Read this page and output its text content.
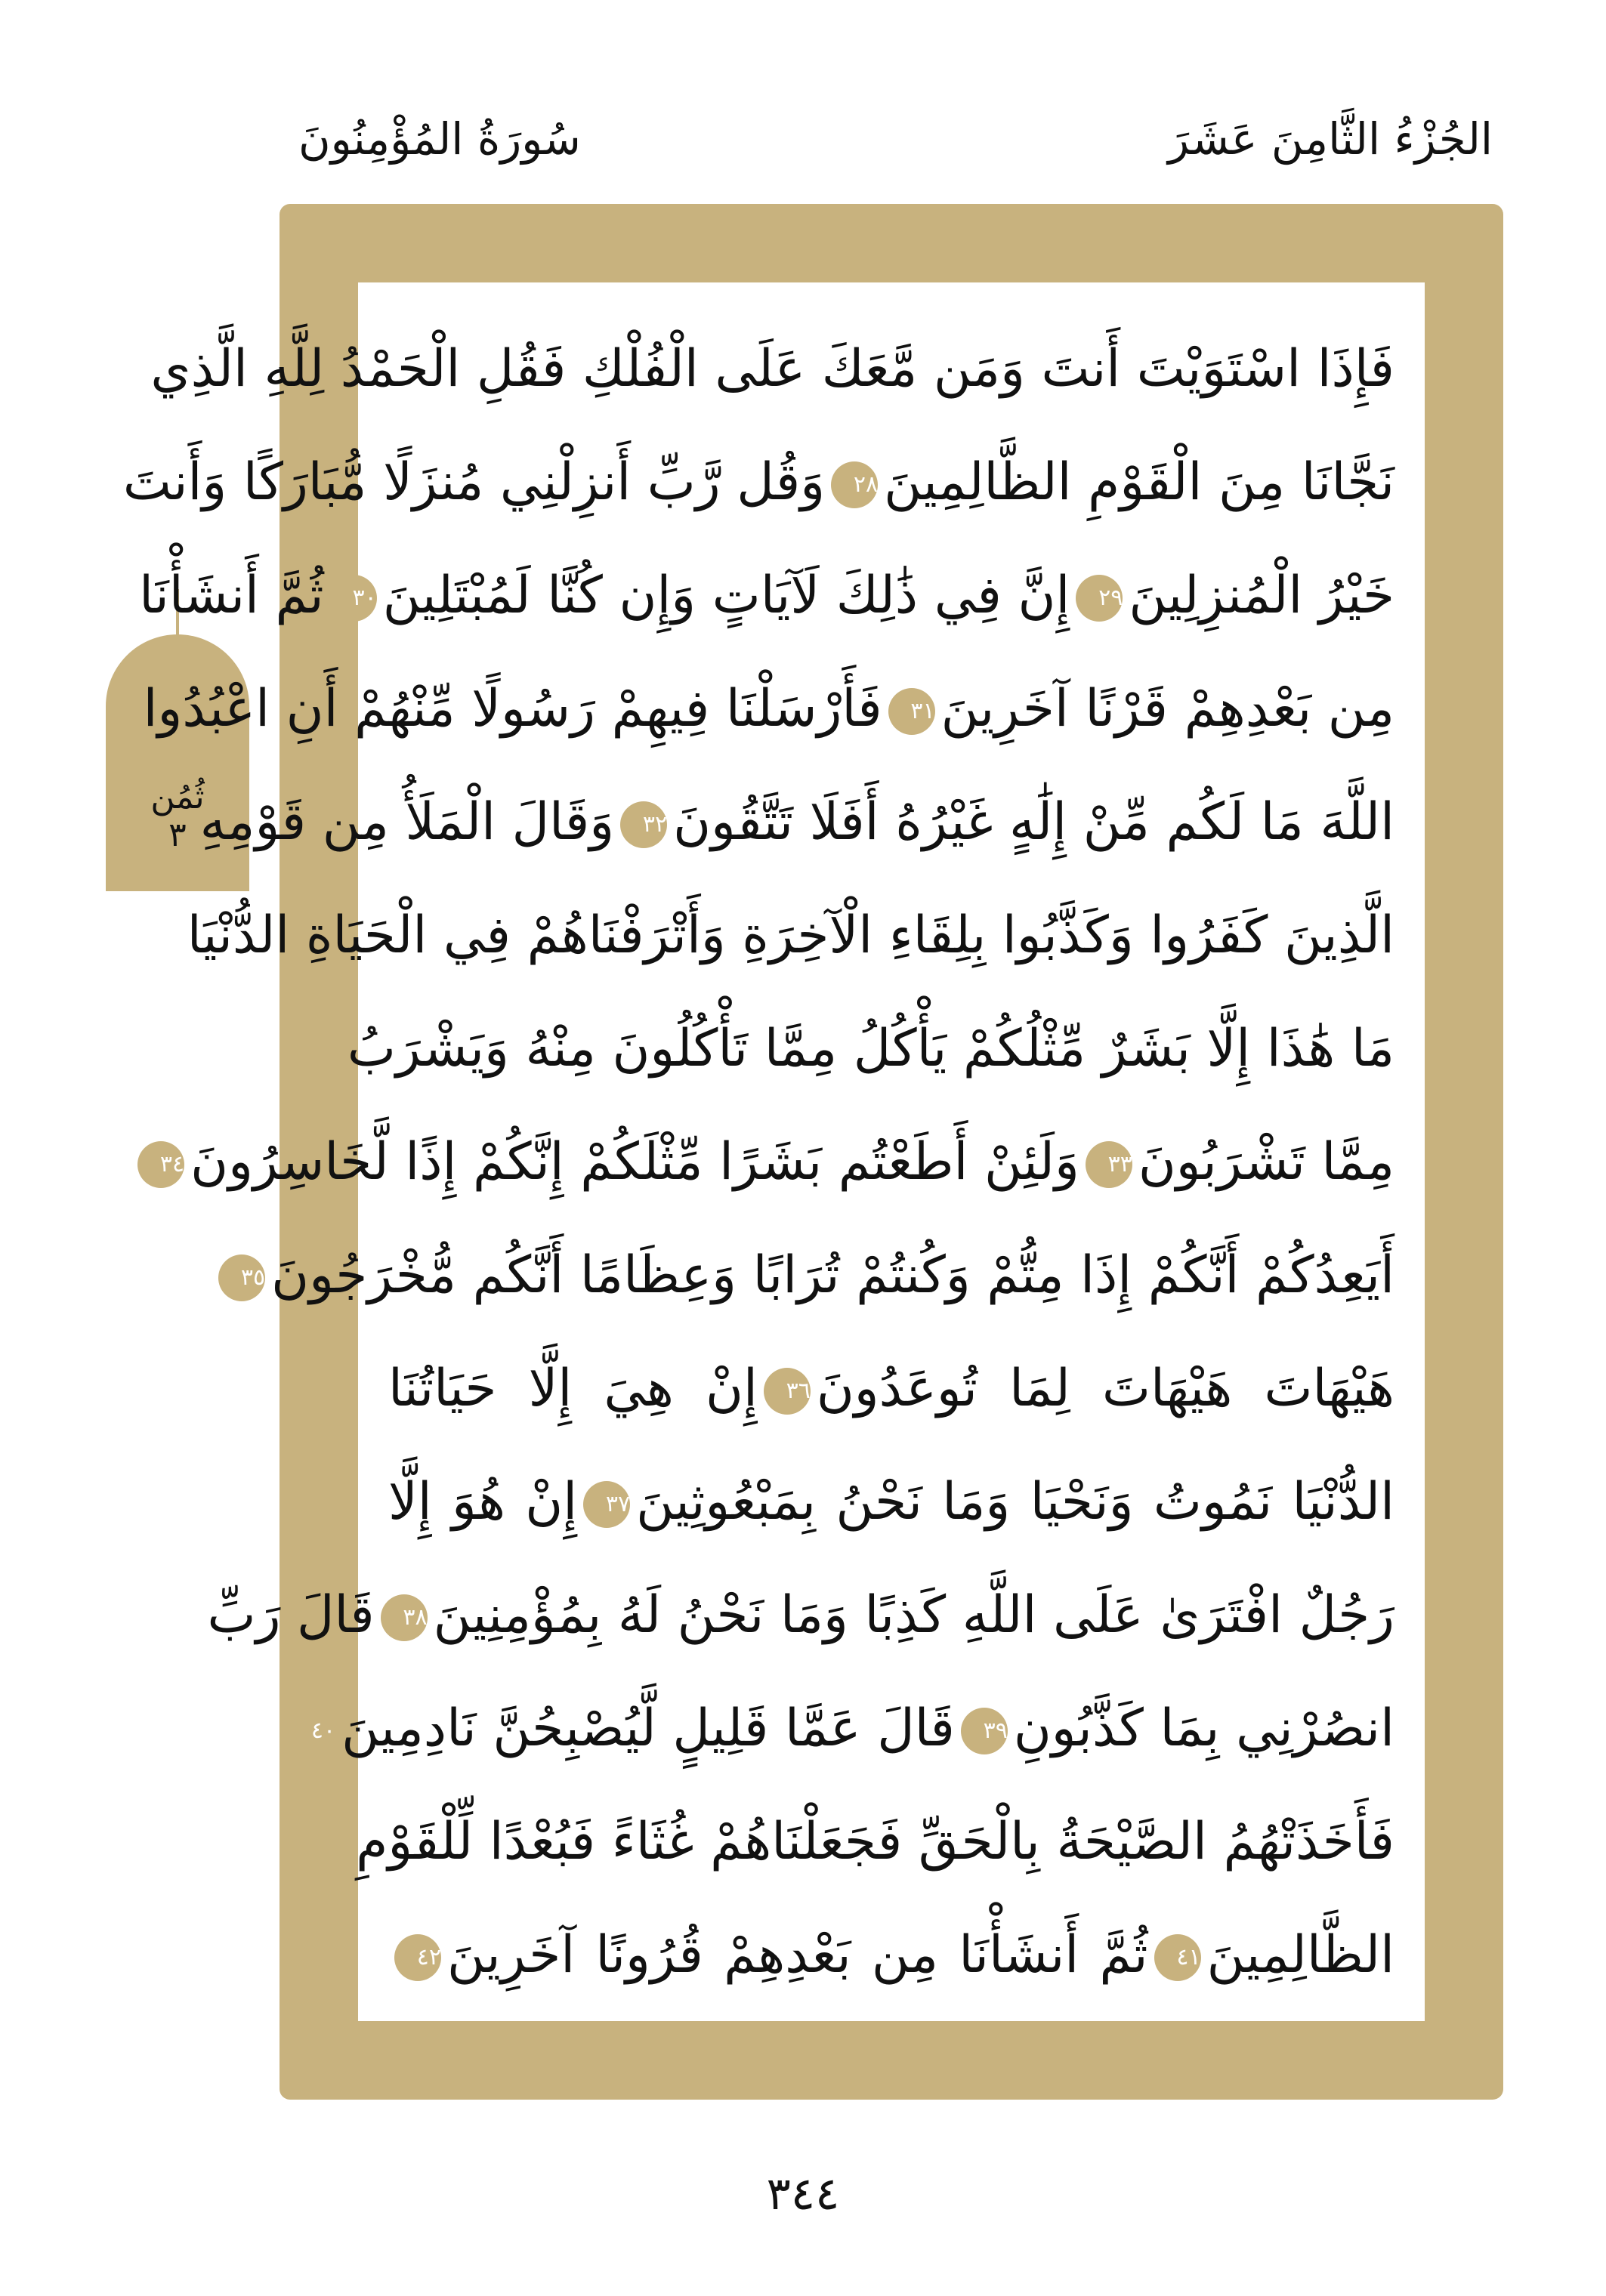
الجُزْءُ الثَّامِنَ عَشَرَ
سُورَةُ المُؤْمِنُونَ
ثُمُن
٣
فَإِذَا اسْتَوَيْتَ أَنتَ وَمَن مَّعَكَ عَلَى الْفُلْكِ فَقُلِ الْحَمْدُ لِلَّهِ الَّذِي
نَجَّانَا مِنَ الْقَوْمِ الظَّالِمِينَ٢٨وَقُل رَّبِّ أَنزِلْنِي مُنزَلًا مُّبَارَكًا وَأَنتَ
خَيْرُ الْمُنزِلِينَ٢٩إِنَّ فِي ذَٰلِكَ لَآيَاتٍ وَإِن كُنَّا لَمُبْتَلِينَ٣٠ثُمَّ أَنشَأْنَا
مِن بَعْدِهِمْ قَرْنًا آخَرِينَ٣١فَأَرْسَلْنَا فِيهِمْ رَسُولًا مِّنْهُمْ أَنِ اعْبُدُوا
اللَّهَ مَا لَكُم مِّنْ إِلَٰهٍ غَيْرُهُ أَفَلَا تَتَّقُونَ٣٢وَقَالَ الْمَلَأُ مِن قَوْمِهِ
الَّذِينَ كَفَرُوا وَكَذَّبُوا بِلِقَاءِ الْآخِرَةِ وَأَتْرَفْنَاهُمْ فِي الْحَيَاةِ الدُّنْيَا
مَا هَٰذَا إِلَّا بَشَرٌ مِّثْلُكُمْ يَأْكُلُ مِمَّا تَأْكُلُونَ مِنْهُ وَيَشْرَبُ
مِمَّا تَشْرَبُونَ٣٣وَلَئِنْ أَطَعْتُم بَشَرًا مِّثْلَكُمْ إِنَّكُمْ إِذًا لَّخَاسِرُونَ٣٤
أَيَعِدُكُمْ أَنَّكُمْ إِذَا مِتُّمْ وَكُنتُمْ تُرَابًا وَعِظَامًا أَنَّكُم مُّخْرَجُونَ٣٥
هَيْهَاتَ هَيْهَاتَ لِمَا تُوعَدُونَ٣٦إِنْ هِيَ إِلَّا حَيَاتُنَا
الدُّنْيَا نَمُوتُ وَنَحْيَا وَمَا نَحْنُ بِمَبْعُوثِينَ٣٧إِنْ هُوَ إِلَّا
رَجُلٌ افْتَرَىٰ عَلَى اللَّهِ كَذِبًا وَمَا نَحْنُ لَهُ بِمُؤْمِنِينَ٣٨قَالَ رَبِّ
انصُرْنِي بِمَا كَذَّبُونِ٣٩قَالَ عَمَّا قَلِيلٍ لَّيُصْبِحُنَّ نَادِمِينَ٤٠
فَأَخَذَتْهُمُ الصَّيْحَةُ بِالْحَقِّ فَجَعَلْنَاهُمْ غُثَاءً فَبُعْدًا لِّلْقَوْمِ
الظَّالِمِينَ٤١ثُمَّ أَنشَأْنَا مِن بَعْدِهِمْ قُرُونًا آخَرِينَ٤٢
٣٤٤
